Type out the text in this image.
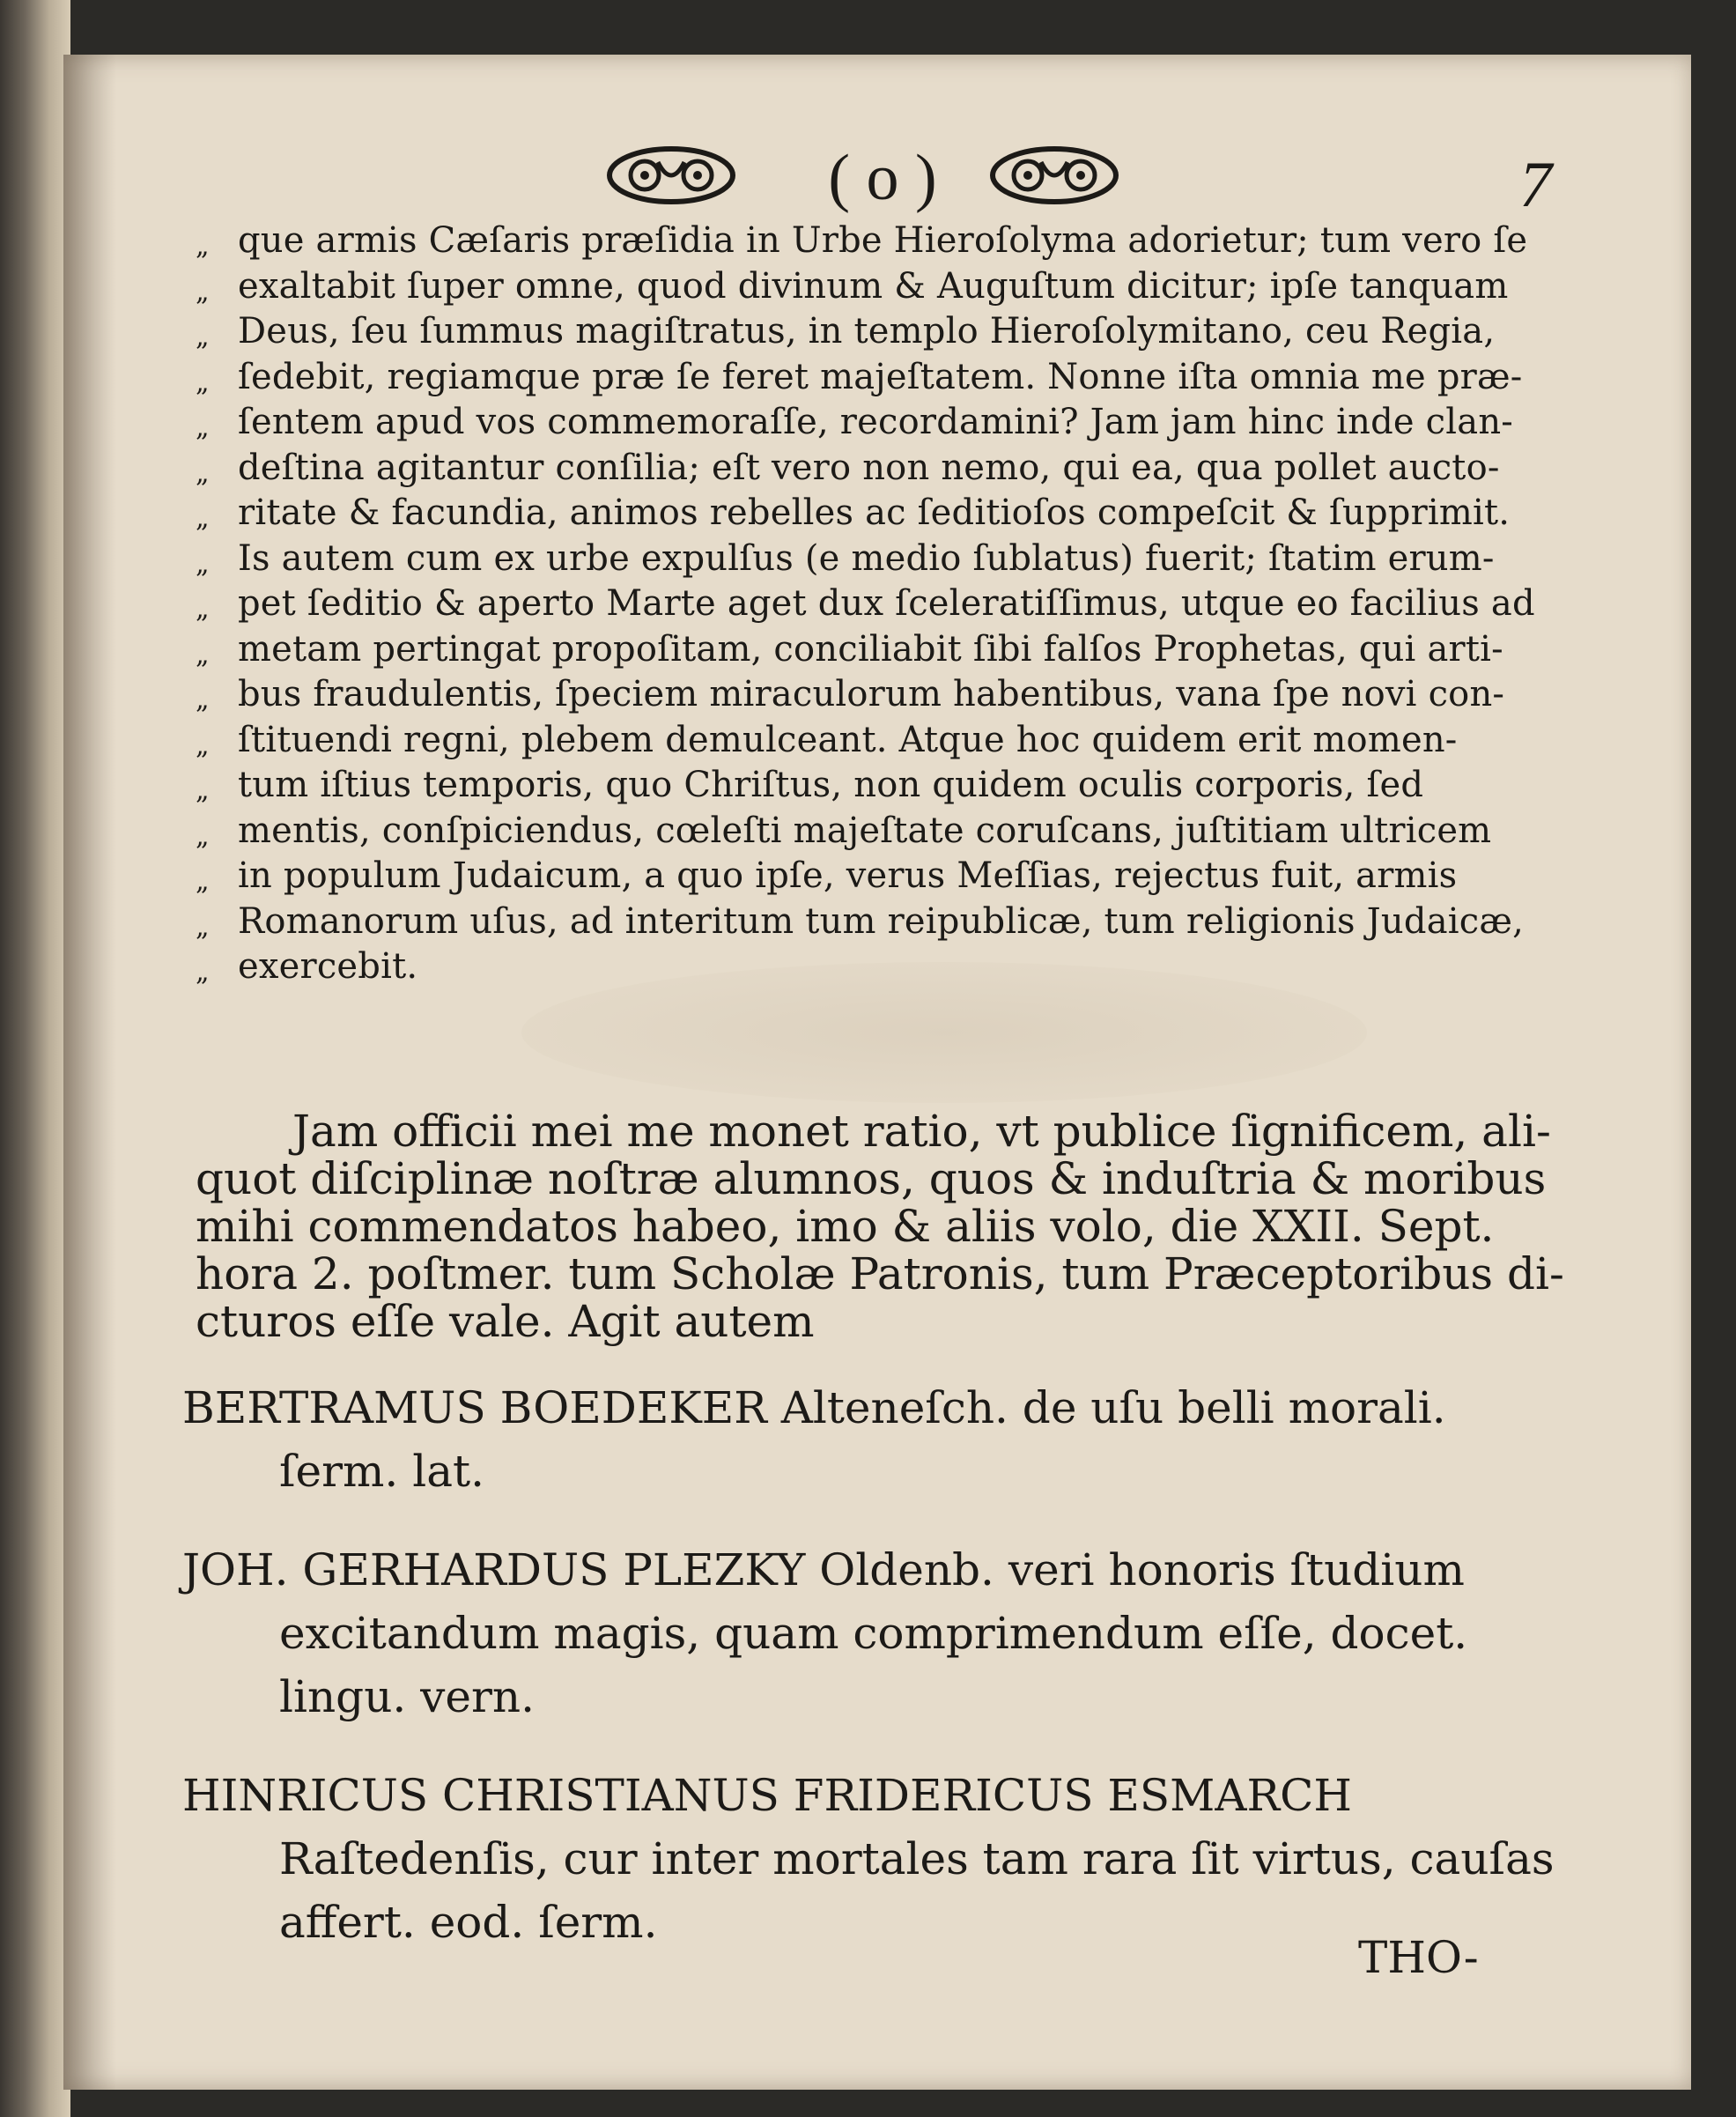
( o )	7
„ que armis Cæſaris præſidia in Urbe Hieroſolyma adorietur; tum vero ſe
„ exaltabit ſuper omne, quod divinum & Auguſtum dicitur; ipſe tanquam
„ Deus, ſeu ſummus magiſtratus, in templo Hieroſolymitano, ceu Regia,
„ ſedebit, regiamque præ ſe feret majeſtatem. Nonne iſta omnia me præ-
„ ſentem apud vos commemoraſſe, recordamini? Jam jam hinc inde clan-
„ deſtina agitantur conſilia; eſt vero non nemo, qui ea, qua pollet aucto-
„ ritate & facundia, animos rebelles ac ſeditioſos compeſcit & ſupprimit.
„ Is autem cum ex urbe expulſus (e medio ſublatus) fuerit; ſtatim erum-
„ pet ſeditio & aperto Marte aget dux ſceleratiſſimus, utque eo facilius ad
„ metam pertingat propoſitam, conciliabit ſibi falſos Prophetas, qui arti-
„ bus fraudulentis, ſpeciem miraculorum habentibus, vana ſpe novi con-
„ ſtituendi regni, plebem demulceant. Atque hoc quidem erit momen-
„ tum iſtius temporis, quo Chriſtus, non quidem oculis corporis, ſed
„ mentis, conſpiciendus, cœleſti majeſtate coruſcans, juſtitiam ultricem
„ in populum Judaicum, a quo ipſe, verus Meſſias, rejectus fuit, armis
„ Romanorum uſus, ad interitum tum reipublicæ, tum religionis Judaicæ,
„ exercebit.
Jam officii mei me monet ratio, vt publice ſignificem, ali-
quot diſciplinæ noſtræ alumnos, quos & induſtria & moribus
mihi commendatos habeo, imo & aliis volo, die XXII. Sept.
hora 2. poſtmer. tum Scholæ Patronis, tum Præceptoribus di-
cturos eſſe vale. Agit autem
BERTRAMUS BOEDEKER Alteneſch. de uſu belli morali.
ſerm. lat.
JOH. GERHARDUS PLEZKY Oldenb. veri honoris ſtudium
excitandum magis, quam comprimendum eſſe, docet.
lingu. vern.
HINRICUS CHRISTIANUS FRIDERICUS ESMARCH
Raſtedenſis, cur inter mortales tam rara ſit virtus, cauſas
affert. eod. ſerm.
THO-
